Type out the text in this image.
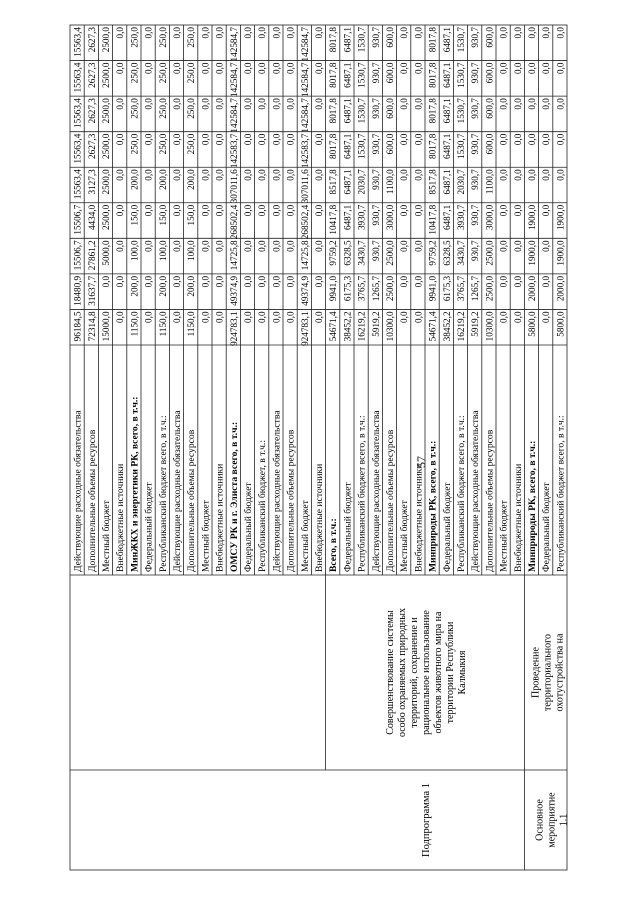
Подпрограмма 1
Совершенствование системыособо охраняемых природныхтерриторий, сохранение ирациональное использованиеобъектов животного мира натерритории РеспубликиКалмыкия
Основноемероприятие1.1
Проведениетерриториальногоохотустройства на
Действующие расходные обязательства Дополнительные объемы ресурсов Местный бюджет Внебюджетные источники МинЖКХ и энергетики РК, всего, в т.ч.: Федеральный бюджет Республиканский бюджет всего, в т.ч.: Действующие расходные обязательства Дополнительные объемы ресурсов Местный бюджет Внебюджетные источники ОМСУ РК и г. Элиста всего, в т.ч.: Федеральный бюджет Республиканский бюджет, в т.ч.: Действующие расходные обязательства Дополнительные объемы ресурсов Местный бюджет Внебюджетные источники Всего, в т.ч.: Федеральный бюджет Республиканский бюджет всего, в т.ч.: Действующие расходные обязательства Дополнительные объемы ресурсов Местный бюджет Внебюджетные источники Минприроды РК, всего, в т.ч.: Федеральный бюджет Республиканский бюджет всего, в т.ч.: Действующие расходные обязательства Дополнительные объемы ресурсов Местный бюджет Внебюджетные источники Минприроды РК, всего, в т.ч.: Федеральный бюджет Республиканский бюджет всего, в т.ч.:
96184,5
18480,9
15506,7
15506,7
15563,4
15563,4
15563,4
15563,4
15563,4
72314,8
31637,7
27861,2
4434,0
3127,3
2627,3
2627,3
2627,3
2627,3
15000,0
0,0
5000,0
2500,0
2500,0
2500,0
2500,0
2500,0
2500,0
0,0
0,0
0,0
0,0
0,0
0,0
0,0
0,0
0,0
1150,0
200,0
100,0
150,0
200,0
250,0
250,0
250,0
250,0
0,0
0,0
0,0
0,0
0,0
0,0
0,0
0,0
0,0
1150,0
200,0
100,0
150,0
200,0
250,0
250,0
250,0
250,0
0,0
0,0
0,0
0,0
0,0
0,0
0,0
0,0
0,0
1150,0
200,0
100,0
150,0
200,0
250,0
250,0
250,0
250,0
0,0
0,0
0,0
0,0
0,0
0,0
0,0
0,0
0,0
0,0
0,0
0,0
0,0
0,0
0,0
0,0
0,0
0,0
924783,1
49374,9
14725,8
268502,4
307011,6
142583,7
142584,7
142584,7
142584,7
0,0
0,0
0,0
0,0
0,0
0,0
0,0
0,0
0,0
0,0
0,0
0,0
0,0
0,0
0,0
0,0
0,0
0,0
0,0
0,0
0,0
0,0
0,0
0,0
0,0
0,0
0,0
0,0
0,0
0,0
0,0
0,0
0,0
0,0
0,0
0,0
924783,1
49374,9
14725,8
268502,4
307011,6
142583,7
142584,7
142584,7
142584,7
0,0
0,0
0,0
0,0
0,0
0,0
0,0
0,0
0,0
54671,4
9941,0
9759,2
10417,8
8517,8
8017,8
8017,8
8017,8
8017,8
38452,2
6175,3
6328,5
6487,1
6487,1
6487,1
6487,1
6487,1
6487,1
16219,2
3765,7
3430,7
3930,7
2030,7
1530,7
1530,7
1530,7
1530,7
5919,2
1265,7
930,7
930,7
930,7
930,7
930,7
930,7
930,7
10300,0
2500,0
2500,0
3000,0
1100,0
600,0
600,0
600,0
600,0
0,0
0,0
0,0
0,0
0,0
0,0
0,0
0,0
0,0
0,0
0,0
0,0
0,0
0,0
0,0
0,0
0,0
0,0
54671,4
9941,0
9759,2
10417,8
8517,8
8017,8
8017,8
8017,8
8017,8
38452,2
6175,3
6328,5
6487,1
6487,1
6487,1
6487,1
6487,1
6487,1
16219,2
3765,7
3430,7
3930,7
2030,7
1530,7
1530,7
1530,7
1530,7
5919,2
1265,7
930,7
930,7
930,7
930,7
930,7
930,7
930,7
10300,0
2500,0
2500,0
3000,0
1100,0
600,0
600,0
600,0
600,0
0,0
0,0
0,0
0,0
0,0
0,0
0,0
0,0
0,0
0,0
0,0
0,0
0,0
0,0
0,0
0,0
0,0
0,0
5800,0
2000,0
1900,0
1900,0
0,0
0,0
0,0
0,0
0,0
0,0
0,0
0,0
0,0
0,0
0,0
0,0
0,0
0,0
5800,0
2000,0
1900,0
1900,0
0,0
0,0
0,0
0,0
0,0
57
